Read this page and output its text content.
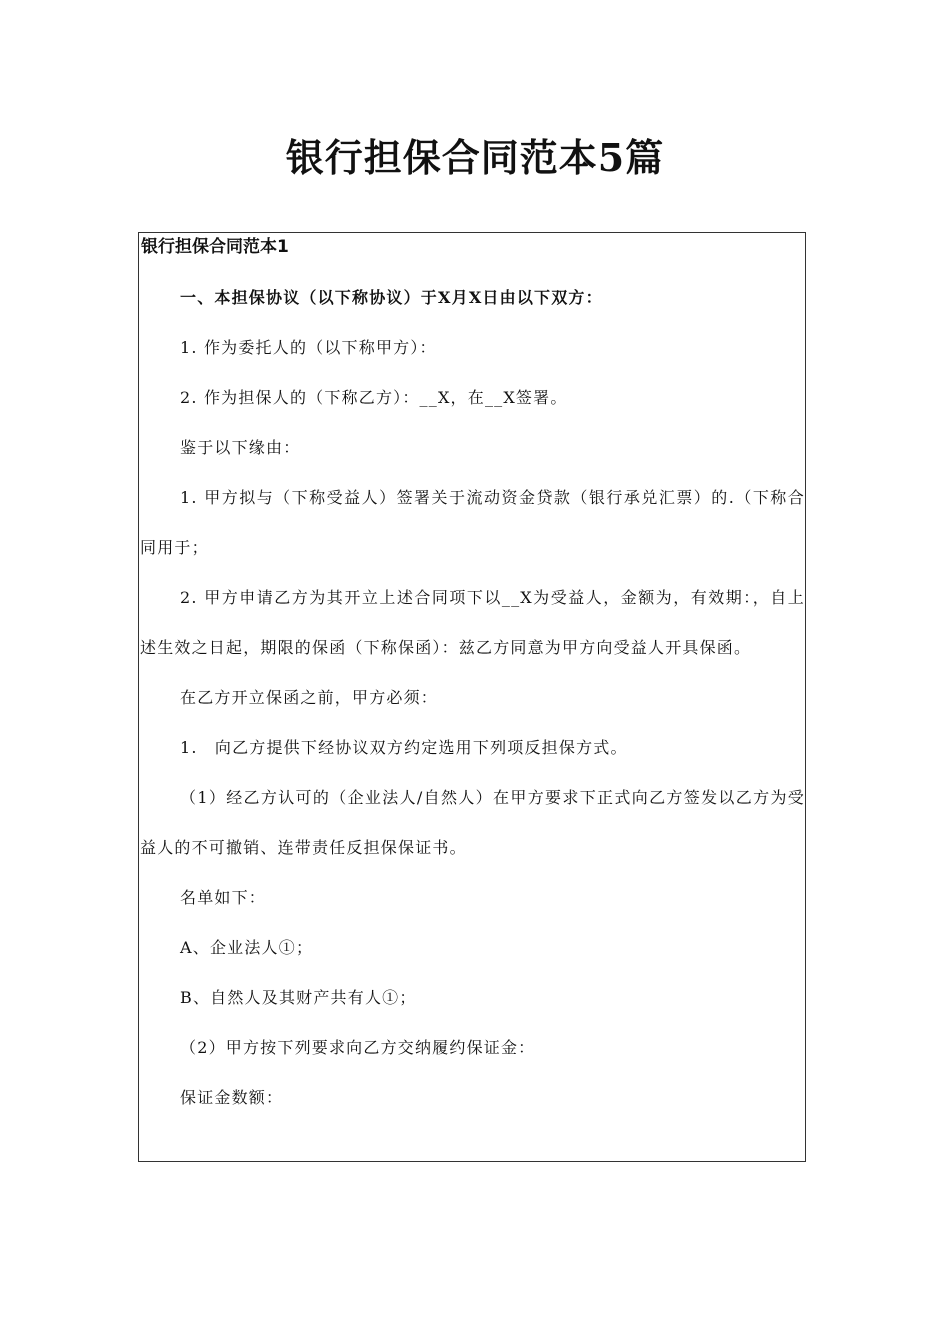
银行担保合同范本5篇
银行担保合同范本1

一、本担保协议（以下称协议）于X月X日由以下双方：

1. 作为委托人的（以下称甲方）：

2. 作为担保人的（下称乙方）：__X，在__X签署。

鉴于以下缘由：

1. 甲方拟与（下称受益人）签署关于流动资金贷款（银行承兑汇票）的.（下称合同用于；

2. 甲方申请乙方为其开立上述合同项下以__X为受益人，金额为，有效期：，自上述生效之日起，期限的保函（下称保函）：兹乙方同意为甲方向受益人开具保函。

在乙方开立保函之前，甲方必须：

1.　向乙方提供下经协议双方约定选用下列项反担保方式。

（1）经乙方认可的（企业法人/自然人）在甲方要求下正式向乙方签发以乙方为受益人的不可撤销、连带责任反担保保证书。

名单如下：

A、企业法人①；

B、自然人及其财产共有人①；

（2）甲方按下列要求向乙方交纳履约保证金：

保证金数额：
